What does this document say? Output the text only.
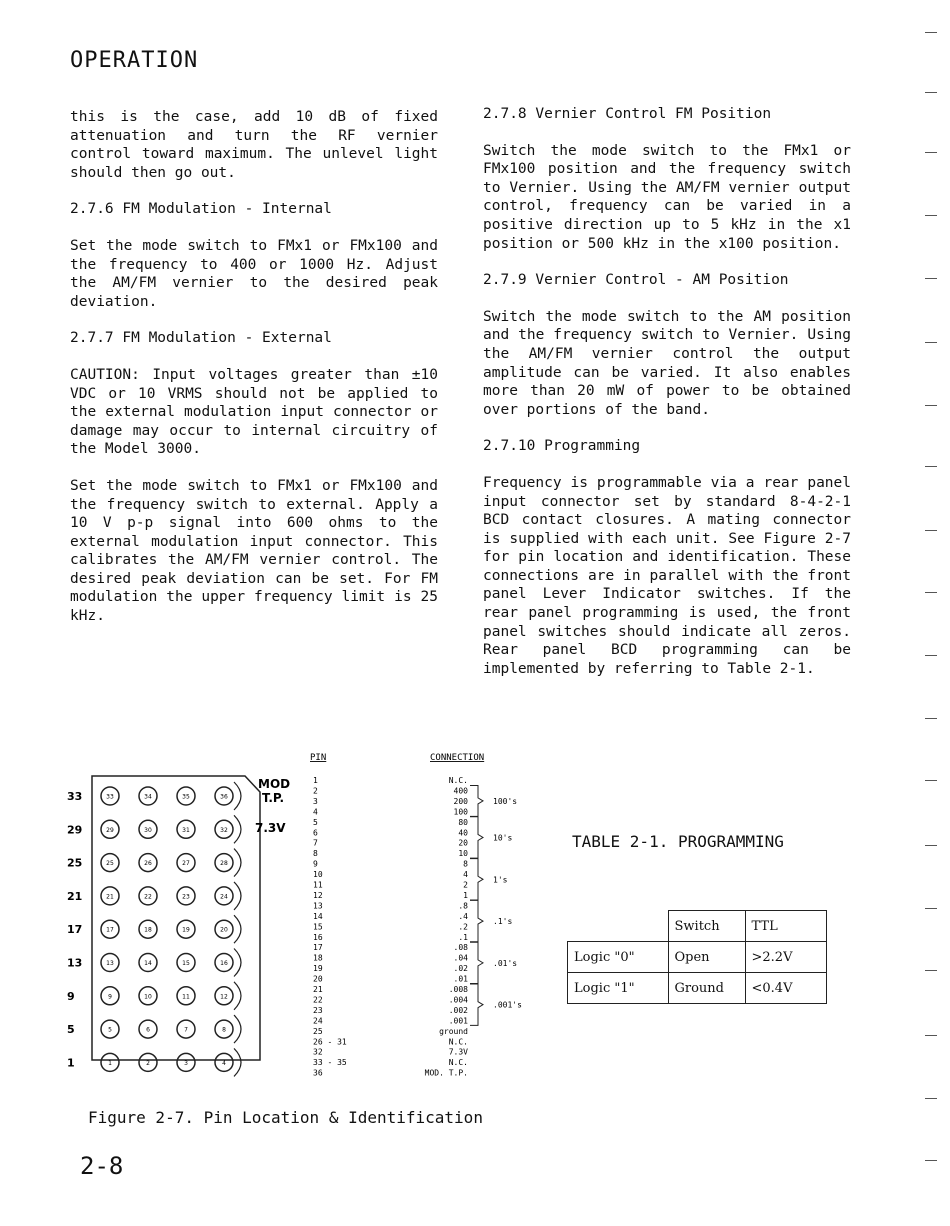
OPERATION

this is the case, add 10 dB of fixed attenuation and turn the RF vernier control toward maximum. The unlevel light should then go out.

2.7.6 FM Modulation - Internal

Set the mode switch to FMx1 or FMx100 and the frequency to 400 or 1000 Hz. Adjust the AM/FM vernier to the desired peak deviation.

2.7.7 FM Modulation - External

CAUTION: Input voltages greater than ±10 VDC or 10 VRMS should not be applied to the external modulation input connector or damage may occur to internal circuitry of the Model 3000.

Set the mode switch to FMx1 or FMx100 and the frequency switch to external. Apply a 10 V p-p signal into 600 ohms to the external modulation input connector. This calibrates the AM/FM vernier control. The desired peak deviation can be set. For FM modulation the upper frequency limit is 25 kHz.

2.7.8 Vernier Control FM Position

Switch the mode switch to the FMx1 or FMx100 position and the frequency switch to Vernier. Using the AM/FM vernier output control, frequency can be varied in a positive direction up to 5 kHz in the x1 position or 500 kHz in the x100 position.

2.7.9 Vernier Control - AM Position

Switch the mode switch to the AM position and the frequency switch to Vernier. Using the AM/FM vernier control the output amplitude can be varied. It also enables more than 20 mW of power to be obtained over portions of the band.

2.7.10 Programming

Frequency is programmable via a rear panel input connector set by standard 8-4-2-1 BCD contact closures. A mating connector is supplied with each unit. See Figure 2-7 for pin location and identification. These connections are in parallel with the front panel Lever Indicator switches. If the rear panel programming is used, the front panel switches should indicate all zeros. Rear panel BCD programming can be implemented by referring to Table 2-1.

33	34	35	36
29	30	31	32
25	26	27	28
21	22	23	24
17	18	19	20
13	14	15	16
9	10	11	12
5	6	7	8
1	2	3	4
33
29
25
21
17
13
9
5
1
MOD
T.P.
7.3V
PIN	CONNECTION
1	N.C.
2	400
3	200
4	100
5	80
6	40
7	20
8	10
9	8
10	4
11	2
12	1
13	.8
14	.4
15	.2
16	.1
17	.08
18	.04
19	.02
20	.01
21	.008
22	.004
23	.002
24	.001
25	ground
26 - 31	N.C.
32	7.3V
33 - 35	N.C.
36	MOD. T.P.
100's
10's
1's
.1's
.01's
.001's
TABLE 2-1. PROGRAMMING
	Switch	TTL
Logic "0"	Open	>2.2V
Logic "1"	Ground	<0.4V
Figure 2-7. Pin Location & Identification
2-8
